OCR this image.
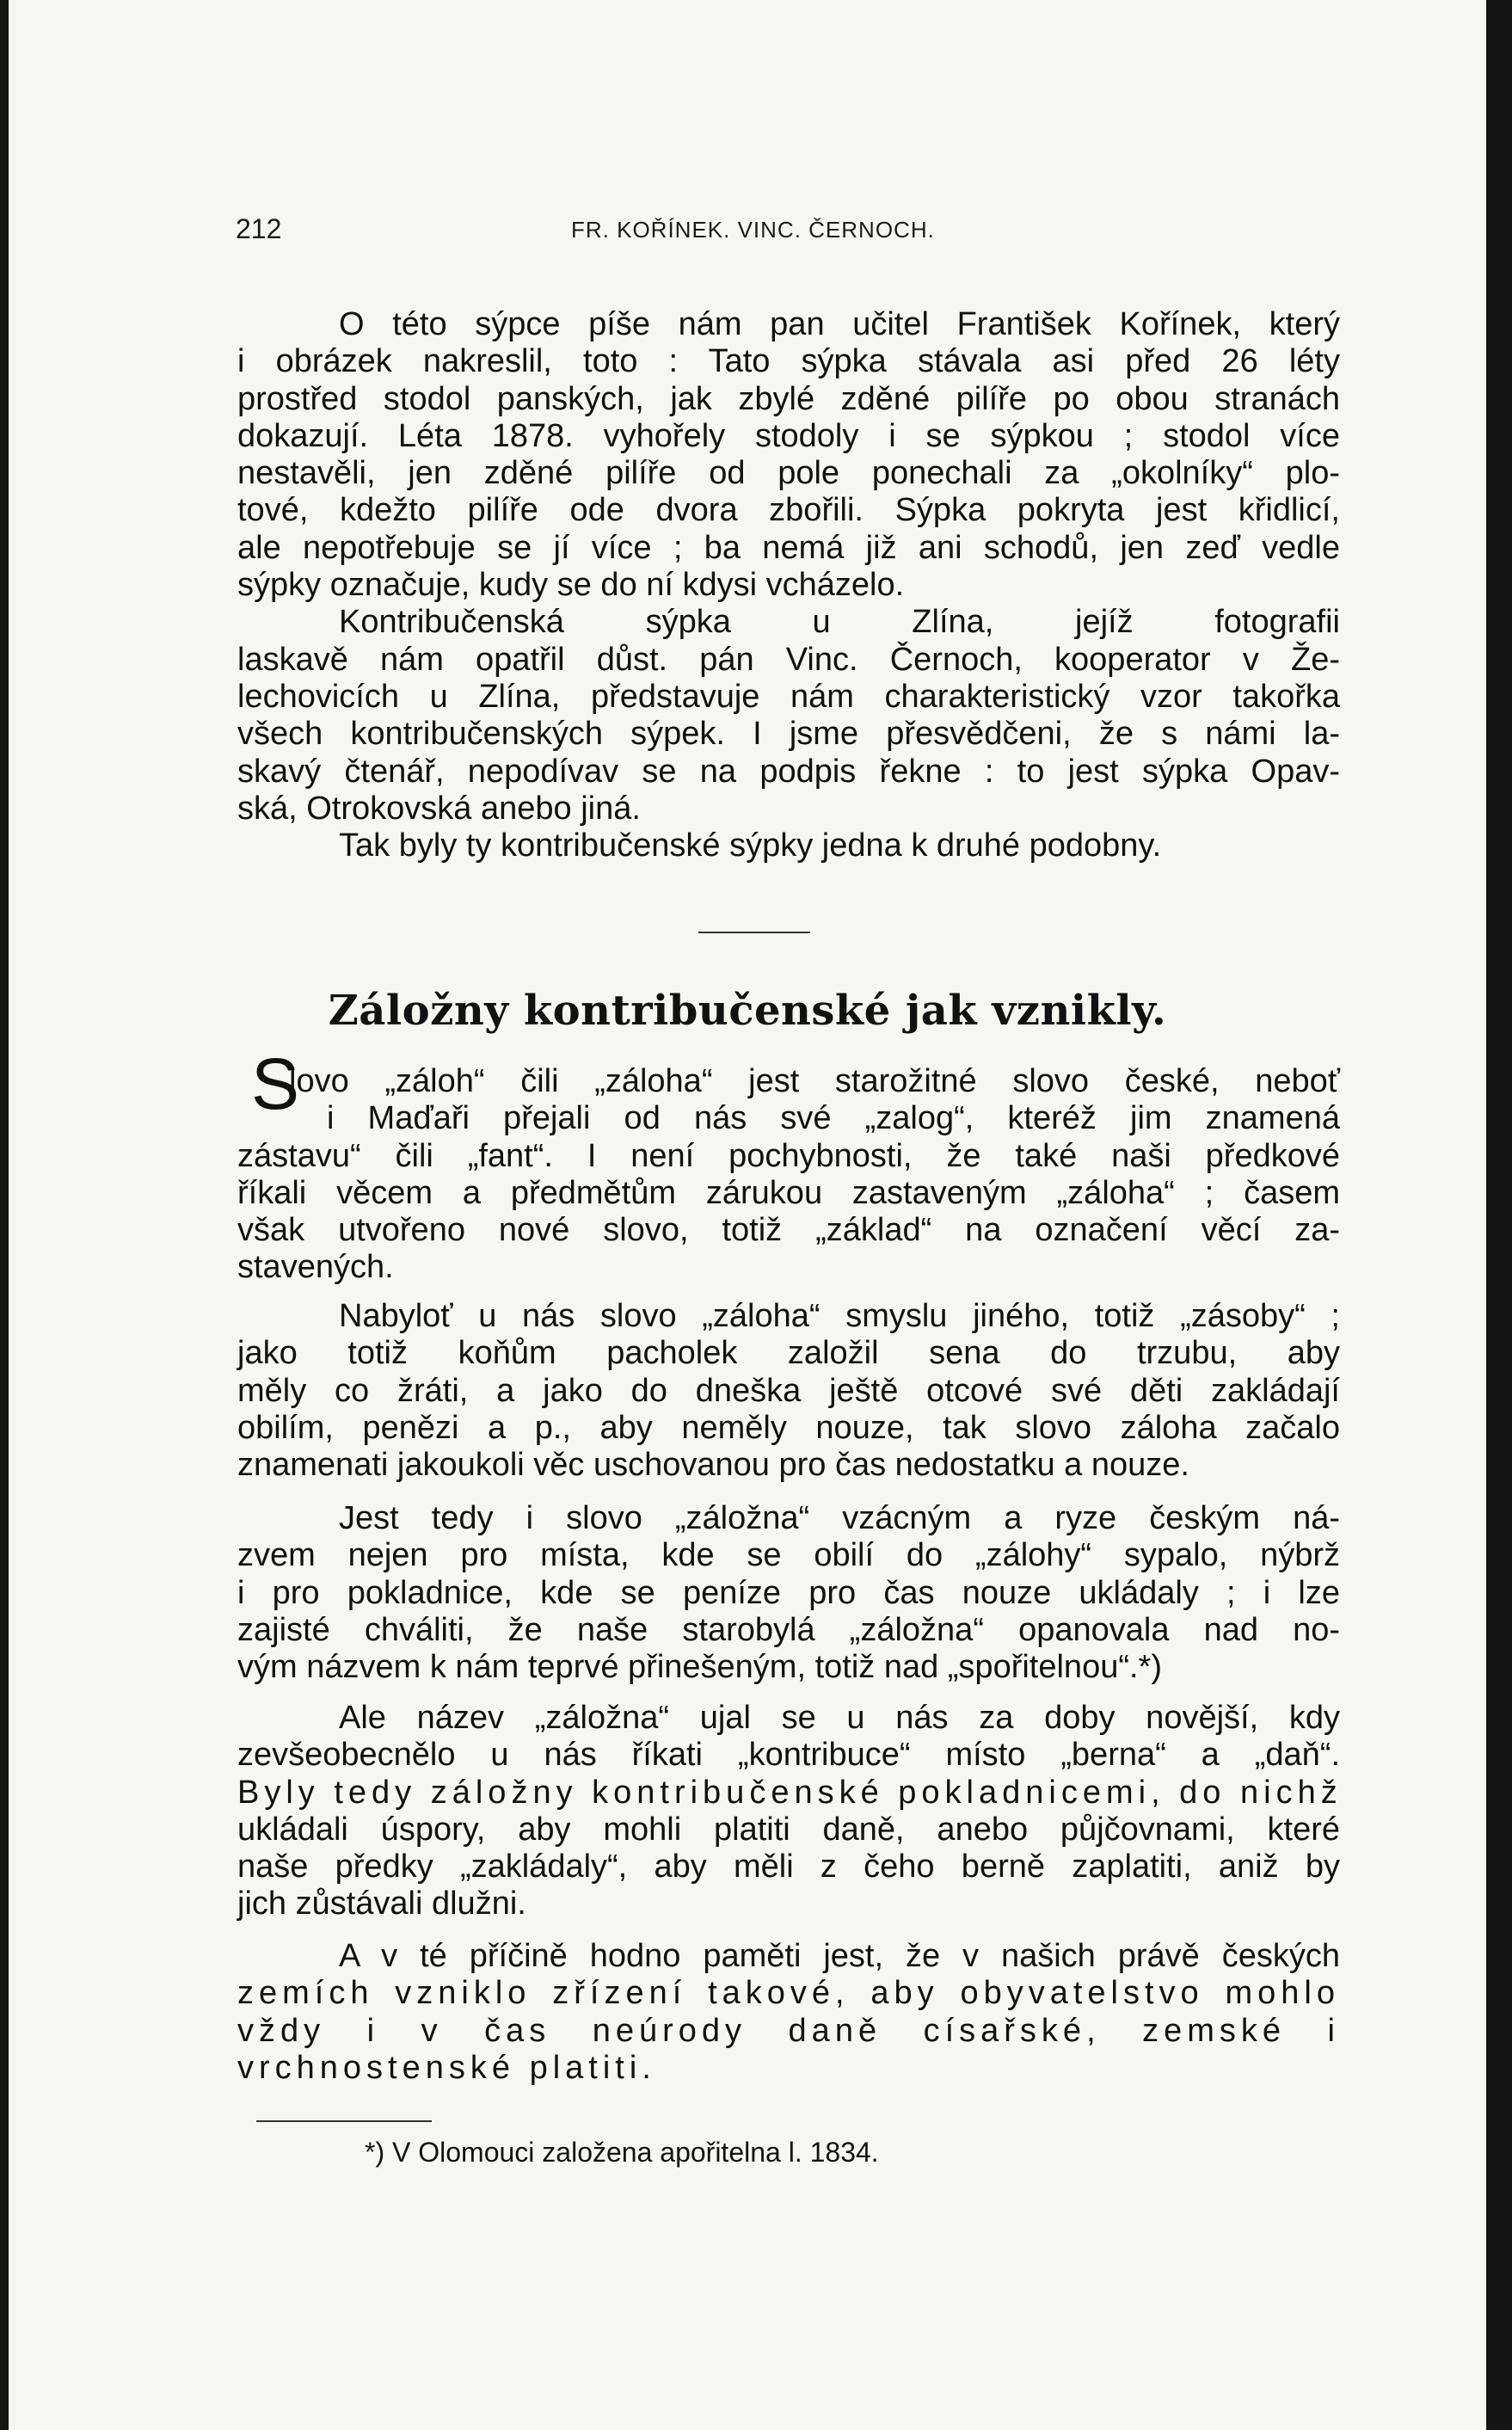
212	FR. KOŘÍNEK. VINC. ČERNOCH.
O této sýpce píše nám pan učitel František Kořínek, který
i obrázek nakreslil, toto : Tato sýpka stávala asi před 26 léty
prostřed stodol panských, jak zbylé zděné pilíře po obou stranách
dokazují. Léta 1878. vyhořely stodoly i se sýpkou ; stodol více
nestavěli, jen zděné pilíře od pole ponechali za „okolníky“ plo-
tové, kdežto pilíře ode dvora zbořili. Sýpka pokryta jest křidlicí,
ale nepotřebuje se jí více ; ba nemá již ani schodů, jen zeď vedle
sýpky označuje, kudy se do ní kdysi vcházelo.
Kontribučenská sýpka u Zlína, jejíž fotografii
laskavě nám opatřil důst. pán Vinc. Černoch, kooperator v Že-
lechovicích u Zlína, představuje nám charakteristický vzor takořka
všech kontribučenských sýpek. I jsme přesvědčeni, že s námi la-
skavý čtenář, nepodívav se na podpis řekne : to jest sýpka Opav-
ská, Otrokovská anebo jiná.
Tak byly ty kontribučenské sýpky jedna k druhé podobny.
Záložny kontribučenské jak vznikly.
S
lovo „záloh“ čili „záloha“ jest starožitné slovo české, neboť
i Maďaři přejali od nás své „zalog“, kteréž jim znamená
zástavu“ čili „fant“. I není pochybnosti, že také naši předkové
říkali věcem a předmětům zárukou zastaveným „záloha“ ; časem
však utvořeno nové slovo, totiž „základ“ na označení věcí za-
stavených.
Nabyloť u nás slovo „záloha“ smyslu jiného, totiž „zásoby“ ;
jako totiž koňům pacholek založil sena do trzubu, aby
měly co žráti, a jako do dneška ještě otcové své děti zakládají
obilím, penězi a p., aby neměly nouze, tak slovo záloha začalo
znamenati jakoukoli věc uschovanou pro čas nedostatku a nouze.
Jest tedy i slovo „záložna“ vzácným a ryze českým ná-
zvem nejen pro místa, kde se obilí do „zálohy“ sypalo, nýbrž
i pro pokladnice, kde se peníze pro čas nouze ukládaly ; i lze
zajisté chváliti, že naše starobylá „záložna“ opanovala nad no-
vým názvem k nám teprvé přinešeným, totiž nad „spořitelnou“.*)
Ale název „záložna“ ujal se u nás za doby novější, kdy
zevšeobecnělo u nás říkati „kontribuce“ místo „berna“ a „daň“.
Byly tedy záložny kontribučenské pokladnicemi, do nichž
ukládali úspory, aby mohli platiti daně, anebo půjčovnami, které
naše předky „zakládaly“, aby měli z čeho berně zaplatiti, aniž by
jich zůstávali dlužni.
A v té příčině hodno paměti jest, že v našich právě českých
zemích vzniklo zřízení takové, aby obyvatelstvo mohlo
vždy i v čas neúrody daně císařské, zemské i
vrchnostenské platiti.
*) V Olomouci založena apořitelna l. 1834.
